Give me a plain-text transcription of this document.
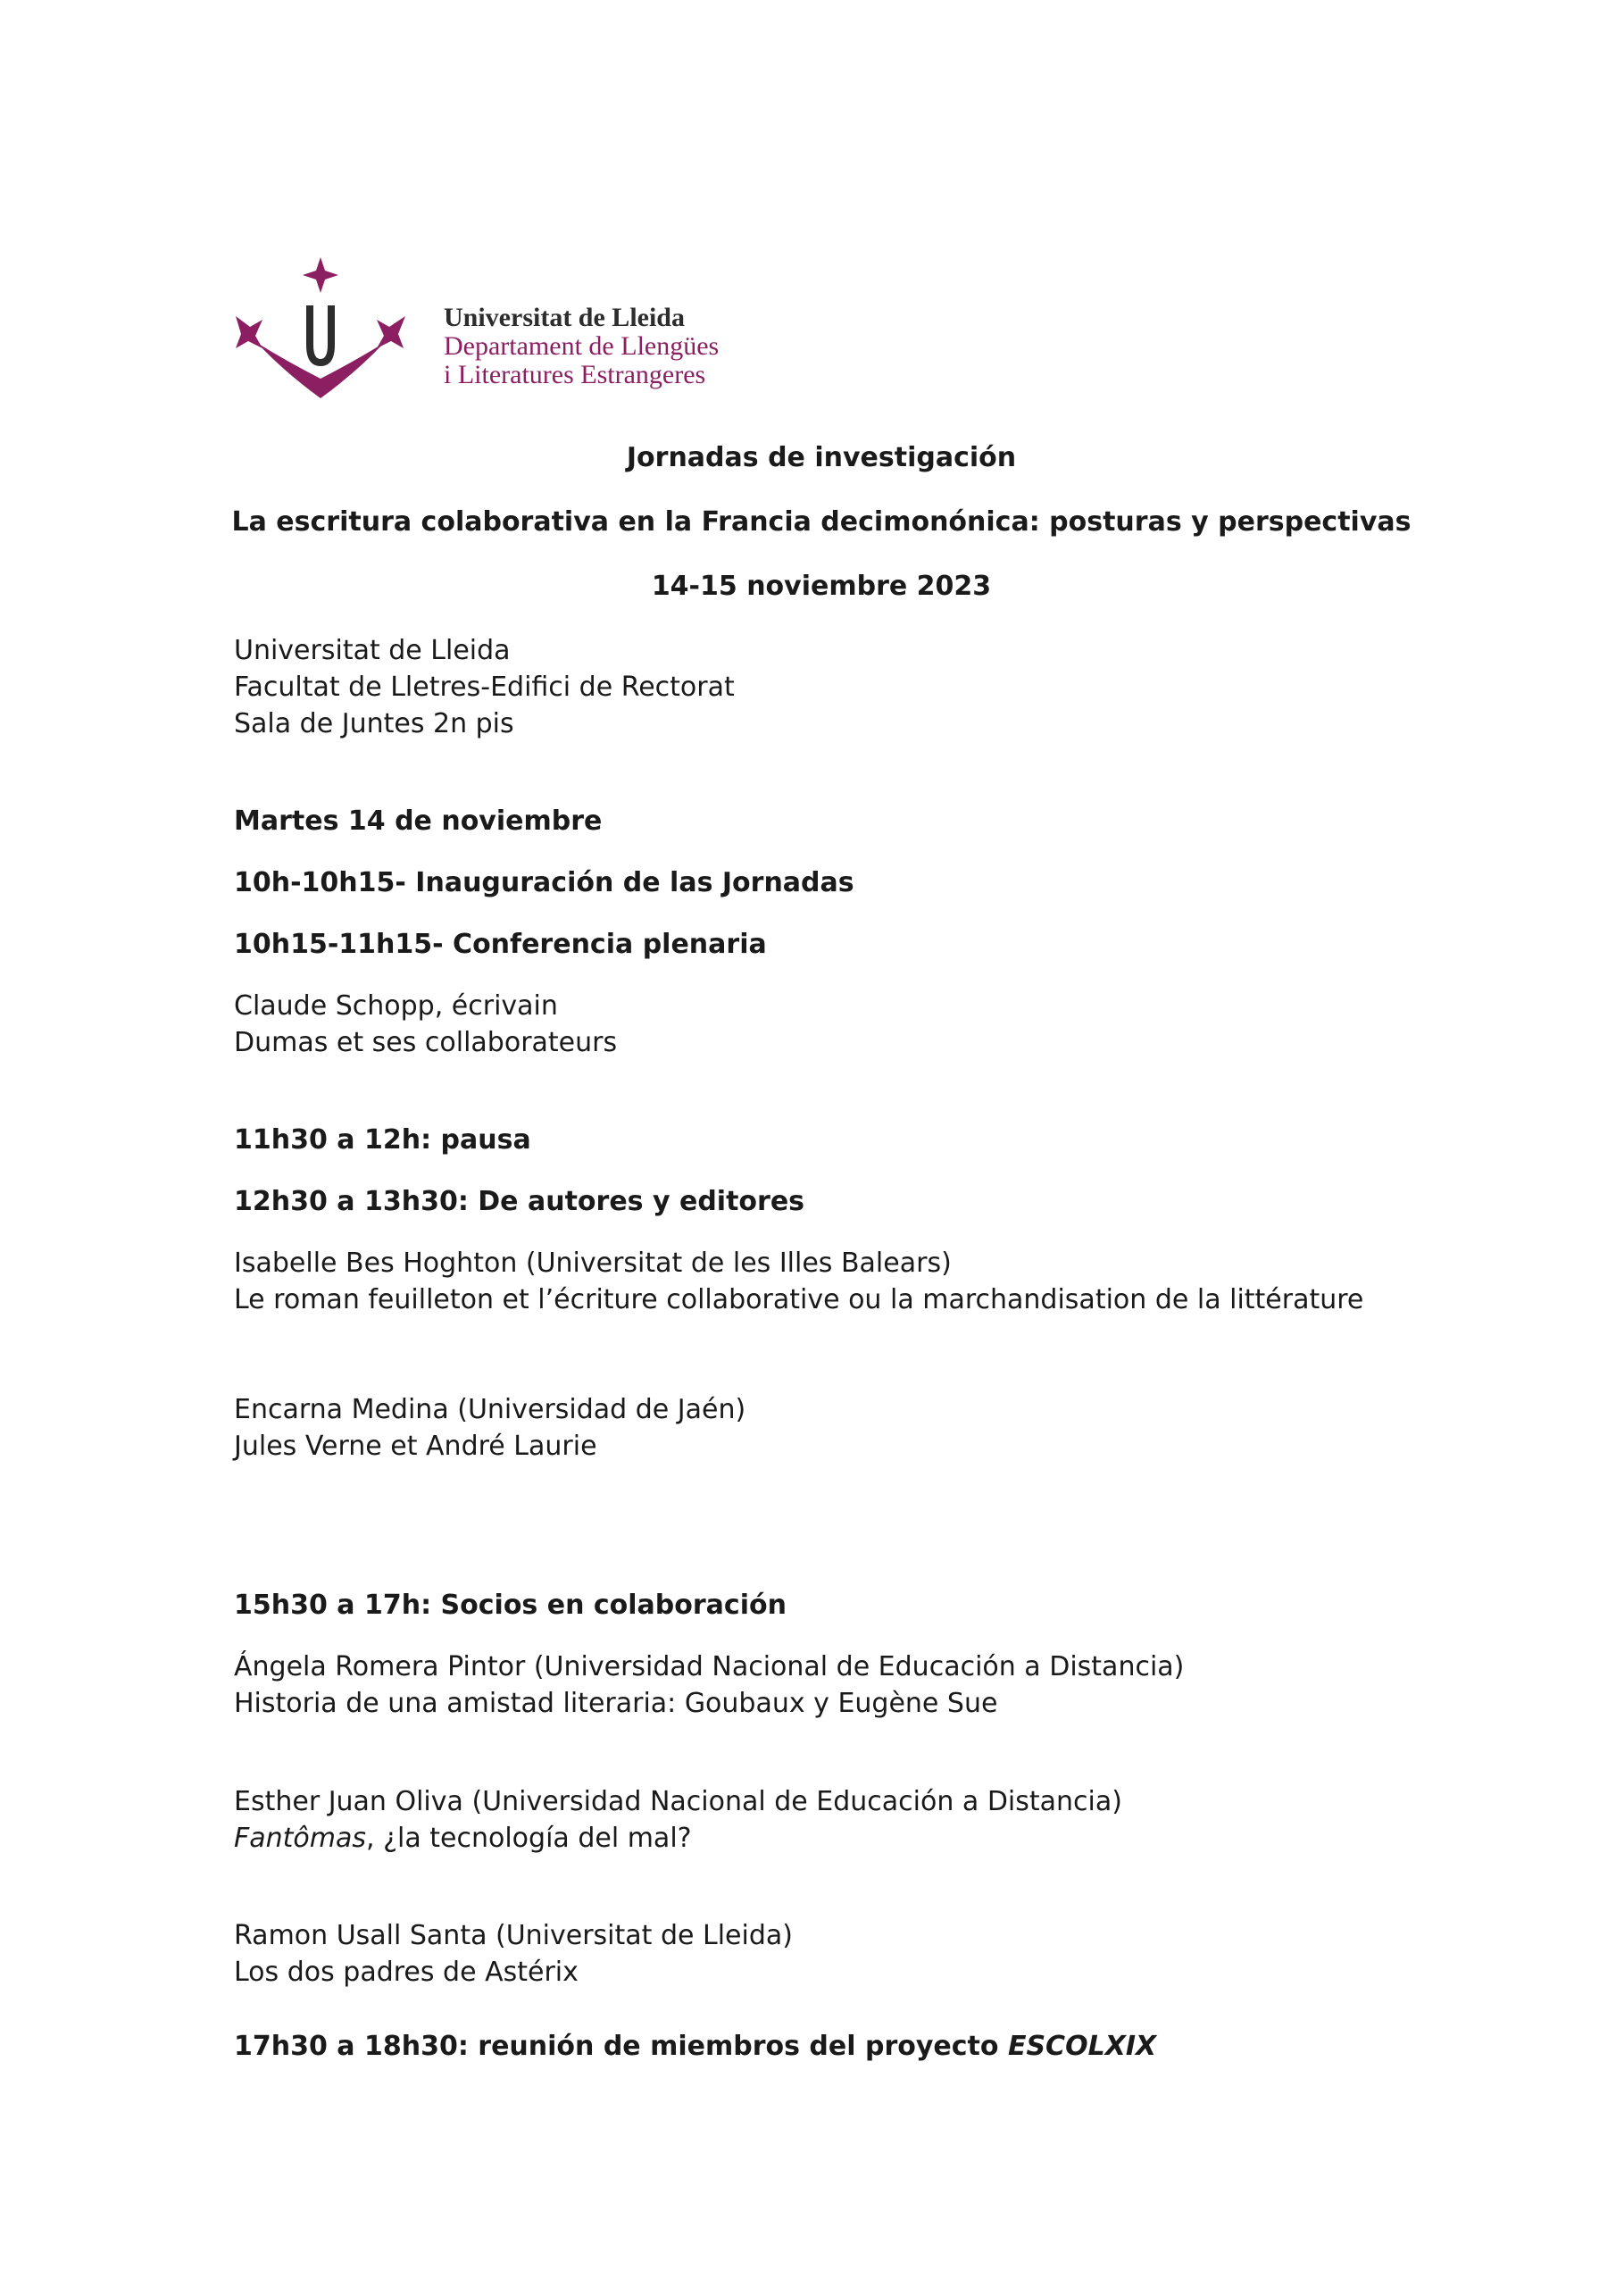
Universitat de Lleida
Departament de Llengües
i Literatures Estrangeres
Jornadas de investigación
La escritura colaborativa en la Francia decimonónica: posturas y perspectivas
14-15 noviembre 2023
Universitat de Lleida
Facultat de Lletres-Edifici de Rectorat
Sala de Juntes 2n pis
Martes 14 de noviembre
10h-10h15- Inauguración de las Jornadas
10h15-11h15- Conferencia plenaria
Claude Schopp, écrivain
Dumas et ses collaborateurs
11h30 a 12h: pausa
12h30 a 13h30: De autores y editores
Isabelle Bes Hoghton (Universitat de les Illes Balears)
Le roman feuilleton et l’écriture collaborative ou la marchandisation de la littérature
Encarna Medina (Universidad de Jaén)
Jules Verne et André Laurie
15h30 a 17h: Socios en colaboración
Ángela Romera Pintor (Universidad Nacional de Educación a Distancia)
Historia de una amistad literaria: Goubaux y Eugène Sue
Esther Juan Oliva (Universidad Nacional de Educación a Distancia)
Fantômas, ¿la tecnología del mal?
Ramon Usall Santa (Universitat de Lleida)
Los dos padres de Astérix
17h30 a 18h30: reunión de miembros del proyecto ESCOLXIX
